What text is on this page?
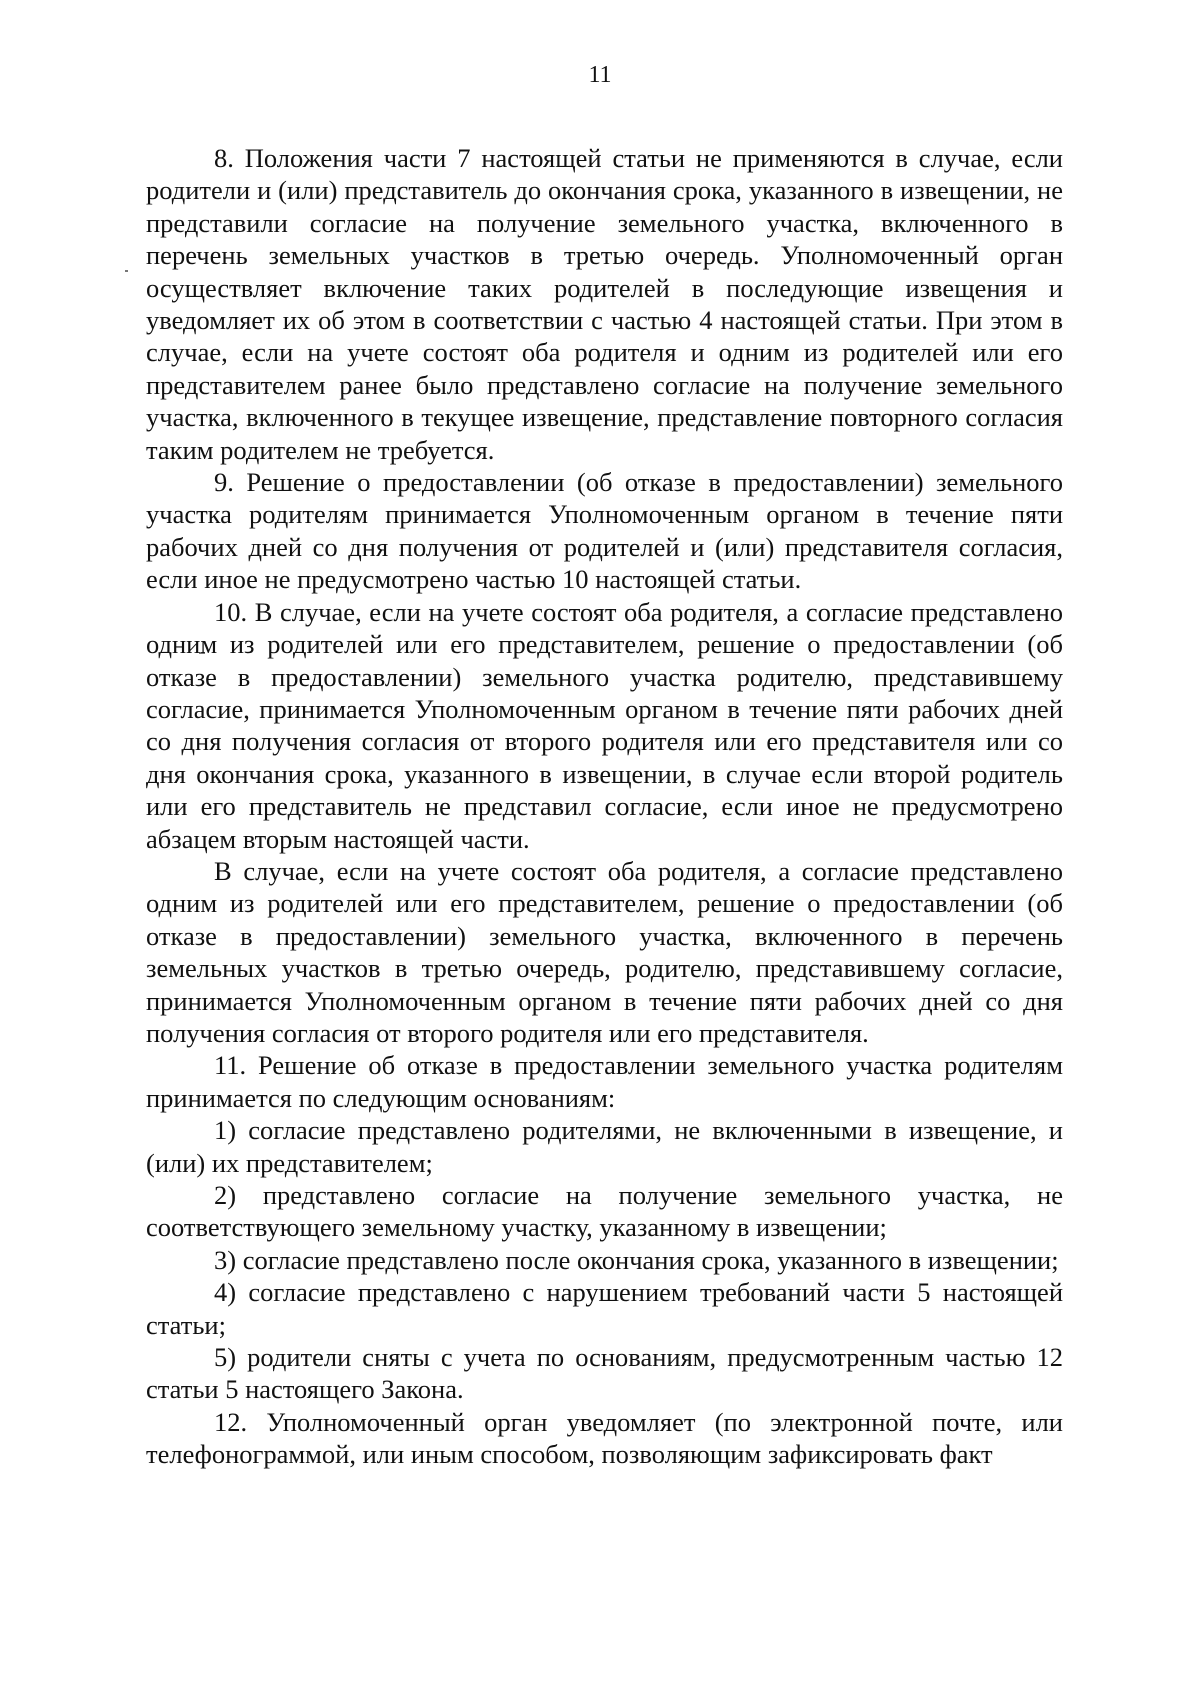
11

8. Положения части 7 настоящей статьи не применяются в случае, если родители и (или) представитель до окончания срока, указанного в извещении, не представили согласие на получение земельного участка, включенного в перечень земельных участков в третью очередь. Уполномоченный орган осуществляет включение таких родителей в последующие извещения и уведомляет их об этом в соответствии с частью 4 настоящей статьи. При этом в случае, если на учете состоят оба родителя и одним из родителей или его представителем ранее было представлено согласие на получение земельного участка, включенного в текущее извещение, представление повторного согласия таким родителем не требуется.

9. Решение о предоставлении (об отказе в предоставлении) земельного участка родителям принимается Уполномоченным органом в течение пяти рабочих дней со дня получения от родителей и (или) представителя согласия, если иное не предусмотрено частью 10 настоящей статьи.

10. В случае, если на учете состоят оба родителя, а согласие представлено одним из родителей или его представителем, решение о предоставлении (об отказе в предоставлении) земельного участка родителю, представившему согласие, принимается Уполномоченным органом в течение пяти рабочих дней со дня получения согласия от второго родителя или его представителя или со дня окончания срока, указанного в извещении, в случае если второй родитель или его представитель не представил согласие, если иное не предусмотрено абзацем вторым настоящей части.

В случае, если на учете состоят оба родителя, а согласие представлено одним из родителей или его представителем, решение о предоставлении (об отказе в предоставлении) земельного участка, включенного в перечень земельных участков в третью очередь, родителю, представившему согласие, принимается Уполномоченным органом в течение пяти рабочих дней со дня получения согласия от второго родителя или его представителя.

11. Решение об отказе в предоставлении земельного участка родителям принимается по следующим основаниям:

1) согласие представлено родителями, не включенными в извещение, и (или) их представителем;

2) представлено согласие на получение земельного участка, не соответствующего земельному участку, указанному в извещении;

3) согласие представлено после окончания срока, указанного в извещении;

4) согласие представлено с нарушением требований части 5 настоящей статьи;

5) родители сняты с учета по основаниям, предусмотренным частью 12 статьи 5 настоящего Закона.

12. Уполномоченный орган уведомляет (по электронной почте, или телефонограммой, или иным способом, позволяющим зафиксировать факт
